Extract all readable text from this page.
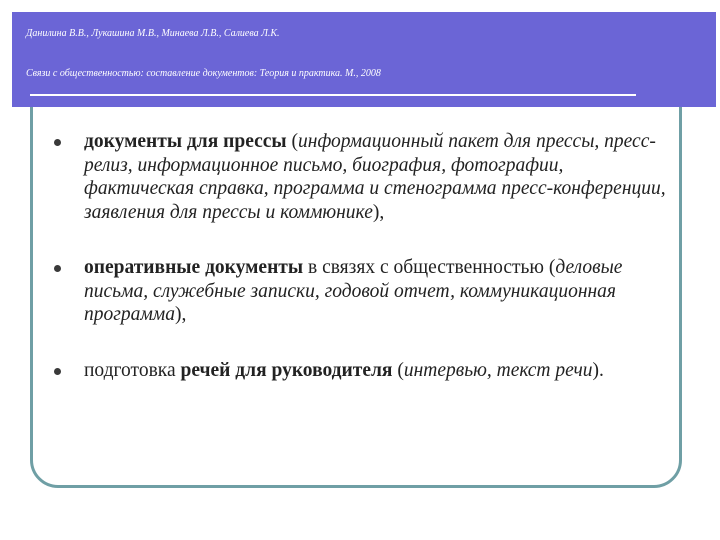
Данилина В.В., Лукашина М.В., Минаева Л.В., Салиева Л.К.
Связи с общественностью: составление документов: Теория и практика. М., 2008
документы для прессы (информационный пакет для прессы, пресс-релиз, информационное письмо, биография, фотографии, фактическая справка, программа и стенограмма пресс-конференции, заявления для прессы и коммюнике),
оперативные документы в связях с общественностью (деловые письма, служебные записки, годовой отчет, коммуникационная программа),
подготовка речей для руководителя (интервью, текст речи).
